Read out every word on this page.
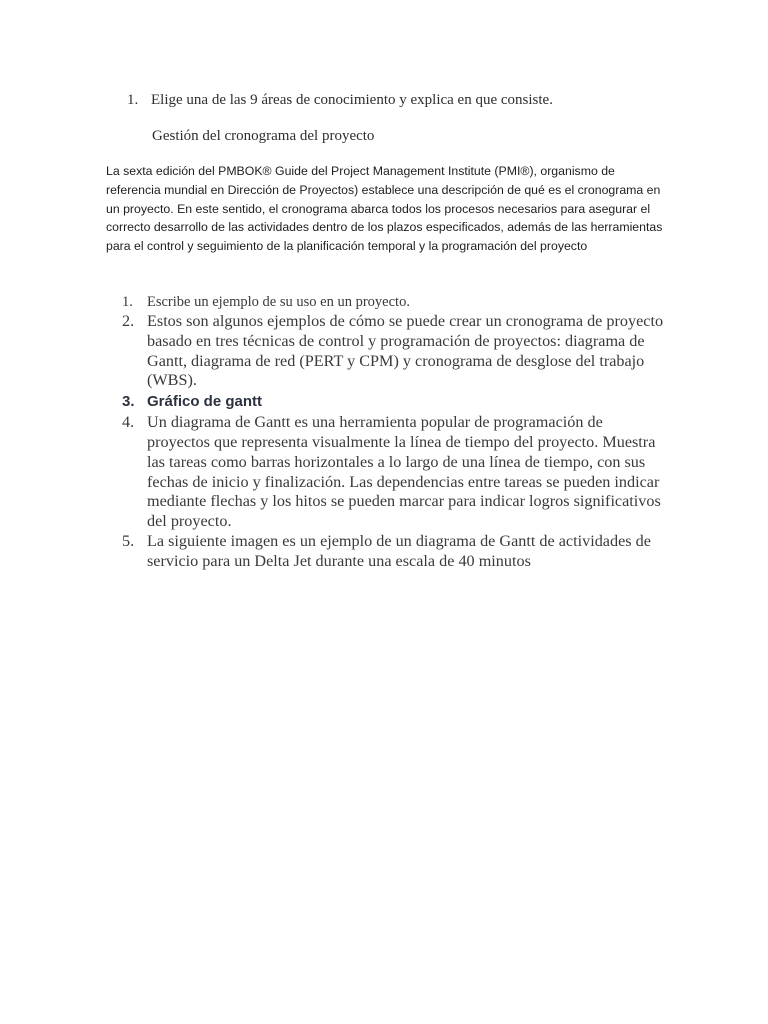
1. Elige una de las 9 áreas de conocimiento y explica en que consiste.
Gestión del cronograma del proyecto
La sexta edición del PMBOK® Guide del Project Management Institute (PMI®), organismo de referencia mundial en Dirección de Proyectos) establece una descripción de qué es el cronograma en un proyecto. En este sentido, el cronograma abarca todos los procesos necesarios para asegurar el correcto desarrollo de las actividades dentro de los plazos especificados, además de las herramientas para el control y seguimiento de la planificación temporal y la programación del proyecto
1. Escribe un ejemplo de su uso en un proyecto.
2. Estos son algunos ejemplos de cómo se puede crear un cronograma de proyecto basado en tres técnicas de control y programación de proyectos: diagrama de Gantt, diagrama de red (PERT y CPM) y cronograma de desglose del trabajo (WBS).
3. Gráfico de gantt
4. Un diagrama de Gantt es una herramienta popular de programación de proyectos que representa visualmente la línea de tiempo del proyecto. Muestra las tareas como barras horizontales a lo largo de una línea de tiempo, con sus fechas de inicio y finalización. Las dependencias entre tareas se pueden indicar mediante flechas y los hitos se pueden marcar para indicar logros significativos del proyecto.
5. La siguiente imagen es un ejemplo de un diagrama de Gantt de actividades de servicio para un Delta Jet durante una escala de 40 minutos
